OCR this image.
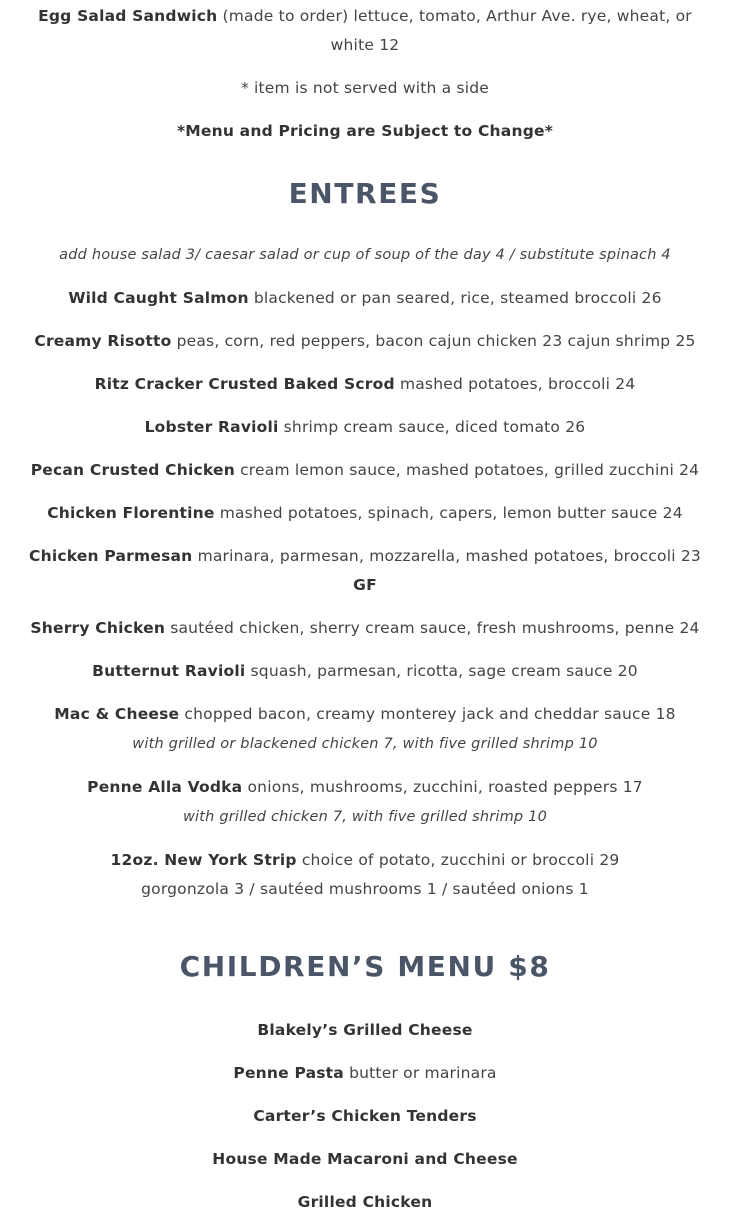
Egg Salad Sandwich (made to order) lettuce, tomato, Arthur Ave. rye, wheat, or white 12

* item is not served with a side

*Menu and Pricing are Subject to Change*

ENTREES

add house salad 3/ caesar salad or cup of soup of the day 4 / substitute spinach 4

Wild Caught Salmon blackened or pan seared, rice, steamed broccoli 26

Creamy Risotto peas, corn, red peppers, bacon cajun chicken 23 cajun shrimp 25

Ritz Cracker Crusted Baked Scrod mashed potatoes, broccoli 24

Lobster Ravioli shrimp cream sauce, diced tomato 26

Pecan Crusted Chicken cream lemon sauce, mashed potatoes, grilled zucchini 24

Chicken Florentine mashed potatoes, spinach, capers, lemon butter sauce 24

Chicken Parmesan marinara, parmesan, mozzarella, mashed potatoes, broccoli 23
GF

Sherry Chicken sautéed chicken, sherry cream sauce, fresh mushrooms, penne 24

Butternut Ravioli squash, parmesan, ricotta, sage cream sauce 20

Mac & Cheese chopped bacon, creamy monterey jack and cheddar sauce 18
with grilled or blackened chicken 7, with five grilled shrimp 10

Penne Alla Vodka onions, mushrooms, zucchini, roasted peppers 17
with grilled chicken 7, with five grilled shrimp 10

12oz. New York Strip choice of potato, zucchini or broccoli 29
gorgonzola 3 / sautéed mushrooms 1 / sautéed onions 1

CHILDREN’S MENU $8

Blakely’s Grilled Cheese

Penne Pasta butter or marinara

Carter’s Chicken Tenders

House Made Macaroni and Cheese

Grilled Chicken
